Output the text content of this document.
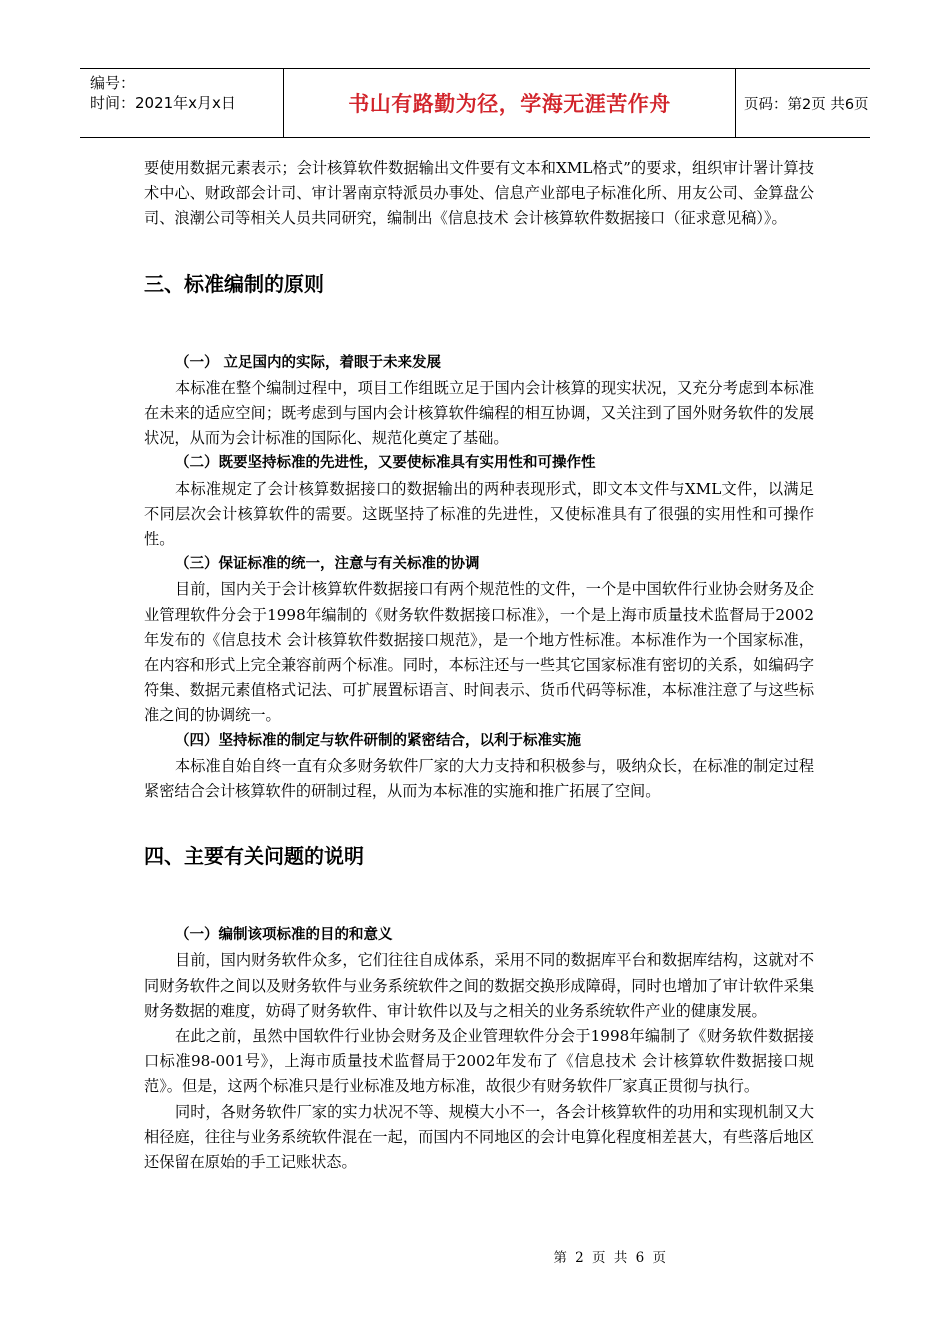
编号：
时间：2021年x月x日	书山有路勤为径，学海无涯苦作舟	页码：第2页 共6页

要使用数据元素表示；会计核算软件数据输出文件要有文本和XML格式”的要求，组织审计署计算技术中心、财政部会计司、审计署南京特派员办事处、信息产业部电子标准化所、用友公司、金算盘公司、浪潮公司等相关人员共同研究，编制出《信息技术 会计核算软件数据接口（征求意见稿）》。

三、标准编制的原则

（一） 立足国内的实际，着眼于未来发展

本标准在整个编制过程中，项目工作组既立足于国内会计核算的现实状况，又充分考虑到本标准在未来的适应空间；既考虑到与国内会计核算软件编程的相互协调，又关注到了国外财务软件的发展状况，从而为会计标准的国际化、规范化奠定了基础。

（二）既要坚持标准的先进性，又要使标准具有实用性和可操作性

本标准规定了会计核算数据接口的数据输出的两种表现形式，即文本文件与XML文件，以满足不同层次会计核算软件的需要。这既坚持了标准的先进性，又使标准具有了很强的实用性和可操作性。

（三）保证标准的统一，注意与有关标准的协调

目前，国内关于会计核算软件数据接口有两个规范性的文件，一个是中国软件行业协会财务及企业管理软件分会于1998年编制的《财务软件数据接口标准》，一个是上海市质量技术监督局于2002年发布的《信息技术 会计核算软件数据接口规范》，是一个地方性标准。本标准作为一个国家标准，在内容和形式上完全兼容前两个标准。同时，本标注还与一些其它国家标准有密切的关系，如编码字符集、数据元素值格式记法、可扩展置标语言、时间表示、货币代码等标准，本标准注意了与这些标准之间的协调统一。

（四）坚持标准的制定与软件研制的紧密结合，以利于标准实施

本标准自始自终一直有众多财务软件厂家的大力支持和积极参与，吸纳众长，在标准的制定过程紧密结合会计核算软件的研制过程，从而为本标准的实施和推广拓展了空间。

四、主要有关问题的说明

（一）编制该项标准的目的和意义

目前，国内财务软件众多，它们往往自成体系，采用不同的数据库平台和数据库结构，这就对不同财务软件之间以及财务软件与业务系统软件之间的数据交换形成障碍，同时也增加了审计软件采集财务数据的难度，妨碍了财务软件、审计软件以及与之相关的业务系统软件产业的健康发展。

在此之前，虽然中国软件行业协会财务及企业管理软件分会于1998年编制了《财务软件数据接口标准98-001号》，上海市质量技术监督局于2002年发布了《信息技术 会计核算软件数据接口规范》。但是，这两个标准只是行业标准及地方标准，故很少有财务软件厂家真正贯彻与执行。

同时，各财务软件厂家的实力状况不等、规模大小不一，各会计核算软件的功用和实现机制又大相径庭，往往与业务系统软件混在一起，而国内不同地区的会计电算化程度相差甚大，有些落后地区还保留在原始的手工记账状态。

第 2 页 共 6 页
